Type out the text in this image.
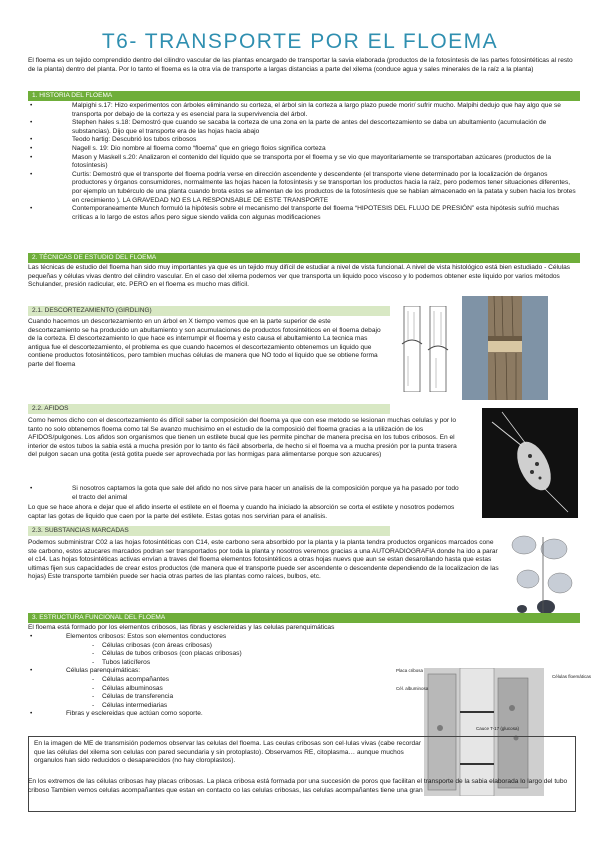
T6- TRANSPORTE POR EL FLOEMA
El floema es un tejido comprendido dentro del cilindro vascular de las plantas encargado de transportar la savia elaborada (productos de la fotosíntesis de las partes fotosintéticas al resto de la planta) dentro del planta. Por lo tanto el floema es la otra vía de transporte a largas distancias a parte del xilema (conduce agua y sales minerales de la raíz a la planta)
1. HISTORIA DEL FLOEMA
• Malpighi s.17: Hizo experimentos con árboles eliminando su corteza, el árbol sin la corteza a largo plazo puede morir/ sufrir mucho. Malpihi dedujo que hay algo que se transporta por debajo de la corteza y es esencial para la supervivencia del árbol.
• Stephen hales s.18: Demostró que cuando se sacaba la corteza de una zona en la parte de antes del descortezamiento se daba un abultamiento (acumulación de substancias). Dijo que el transporte era de las hojas hacia abajo
• Teodo hartig: Descubrió los tubos cribosos
• Nagell s. 19: Dio nombre al floema como “floema” que en griego floios significa corteza
• Mason y Maskell s.20: Analizaron el contenido del líquido que se transporta por el floema y se vio que mayoritariamente se transportaban azúcares (productos de la fotosíntesis)
• Curtis: Demostró que el transporte del floema podría verse en dirección ascendente y descendente (el transporte viene determinado por la localización de órganos productores y órganos consumidores, normalmente las hojas hacen la fotosíntesis y se transportan los productos hacia la raíz, pero podemos tener situaciones diferentes, por ejemplo un tubérculo de una planta cuando brota estos se alimentan de los productos de la fotosíntesis que se habían almacenado en la patata y suben hacia los brotes en crecimiento ). LA GRAVEDAD NO ES LA RESPONSABLE DE ESTE TRANSPORTE
• Contemporaneamente Munch formuló la hipótesis sobre el mecanismo del transporte del floema “HIPOTESIS DEL FLUJO DE PRESIÓN” esta hipótesis sufrió muchas críticas a lo largo de estos años pero sigue siendo valida con algunas modificaciones
2. TÉCNICAS DE ESTUDIO DEL FLOEMA
Las técnicas de estudio del floema han sido muy importantes ya que es un tejido muy difícil de estudiar a nivel de vista funcional. A nivel de vista histológico está bien estudiado - Células pequeñas y células vivas dentro del cilindro vascular. En el caso del xilema podemos ver que transporta un liquido poco viscoso y lo podemos obtener este liquido por varios métodos Schulander, presión radicular, etc. PERO en el floema es mucho mas difícil.
2.1. DESCORTEZAMIENTO (GIRDLING)
Cuando hacemos un descortezamiento en un árbol en X tiempo vemos que en la parte superior de este descortezamiento se ha producido un abultamiento y son acumulaciones de productos fotosintéticos en el floema debajo de la corteza. El descortezamiento lo que hace es interrumpir el floema y esto causa el abultamiento La tecnica mas antigua fue el descortezamiento, el problema es que cuando hacemos el descortezamiento obtenemos un liquido que contiene productos fotosintéticos, pero tambien muchas células de manera que NO todo el liquido que se obtiene forma parte del floema
2.2. AFIDOS
Como hemos dicho con el descortezamiento és difícil saber la composición del floema ya que con ese metodo se lesionan muchas celulas y por lo tanto no solo obtenemos floema como tal Se avanzo muchisimo en el estudio de la composició del floema gracias a la utilización de los AFIDOS/pulgones. Los afidos son organismos que tienen un estilete bucal que les permite pinchar de manera precisa en los tubos cribosos. En el interior de estos tubos la sabia está a mucha presión por lo tanto és fácil absorberla, de hecho si el floema va a mucha presión por la punta trasera del pulgon sacan una gotita (está gotita puede ser aprovechada por las hormigas para alimentarse porque son azucares)
• Si nosotros captamos la gota que sale del afido no nos sirve para hacer un analisis de la composición porque ya ha pasado por todo el tracto del animal
Lo que se hace ahora e dejar que el afido inserte el estilete en el floema y cuando ha iniciado la absorción se corta el estilete y nosotros podemos captar las gotas de liquido que caen por la parte del estilete. Estas gotas nos servirian para el analisis.
2.3. SUBSTANCIAS MARCADAS
Podemos subministrar C02 a las hojas fotosintéticas con C14, este carbono sera absorbido por la planta y la planta tendra productos organicos marcados cone ste carbono, estos azucares marcados podran ser transportados por toda la planta y nosotros veremos gracias a una AUTORADIOGRAFIA donde ha ido a parar el c14. Las hojas fotosintéticas activas envían a traves del floema elementos fotosintéticos a otras hojas nuevs que aun se estan desarollando hasta que estas ultimas fijen sus capacidades de crear estos productos (de manera que el transporte puede ser ascendente o descendente dependiendo de la localizacion de las hojas) Este transporte también puede ser hacia otras partes de las plantas como raíces, bulbos, etc.
3. ESTRUCTURA FUNCIONAL DEL FLOEMA
El floema está formado por los elementos cribosos, las fibras y esclereidas y las celulas parenquimáticas
• Elementos cribosos: Estos son elementos conductores
- Células cribosas (con áreas cribosas)
- Células de tubos cribosos (con placas cribosas)
- Tubos laticíferos
• Células parenquimáticas:
- Células acompañantes
- Células albuminosas
- Células de transferencia
- Células intermediarias
• Fibras y esclereidas que actúan como soporte.
Placa cribosa
Cél. albuminosa
Células floemáticas
Cauce T-17 (glucosa)
En la imagen de ME de transmisión podemos observar las celulas del floema. Las ceulas cribosas son cel·lulas vivas (cabe recordar que las células del xilema son celulas con pared secundaria y sin protoplasto). Observamos RE, citoplasma… aunque muchos organulos han sido reducidos o desaparecidos (no hay cloroplastos).
En los extremos de las células cribosas hay placas cribosas. La placa cribosa está formada por una succesión de poros que facilitan el transporte de la sabia elaborada lo largo del tubo criboso Tambien vemos celulas acompañantes que estan en contacto co las celulas cribosas, las celulas acompañantes tiene una gran
